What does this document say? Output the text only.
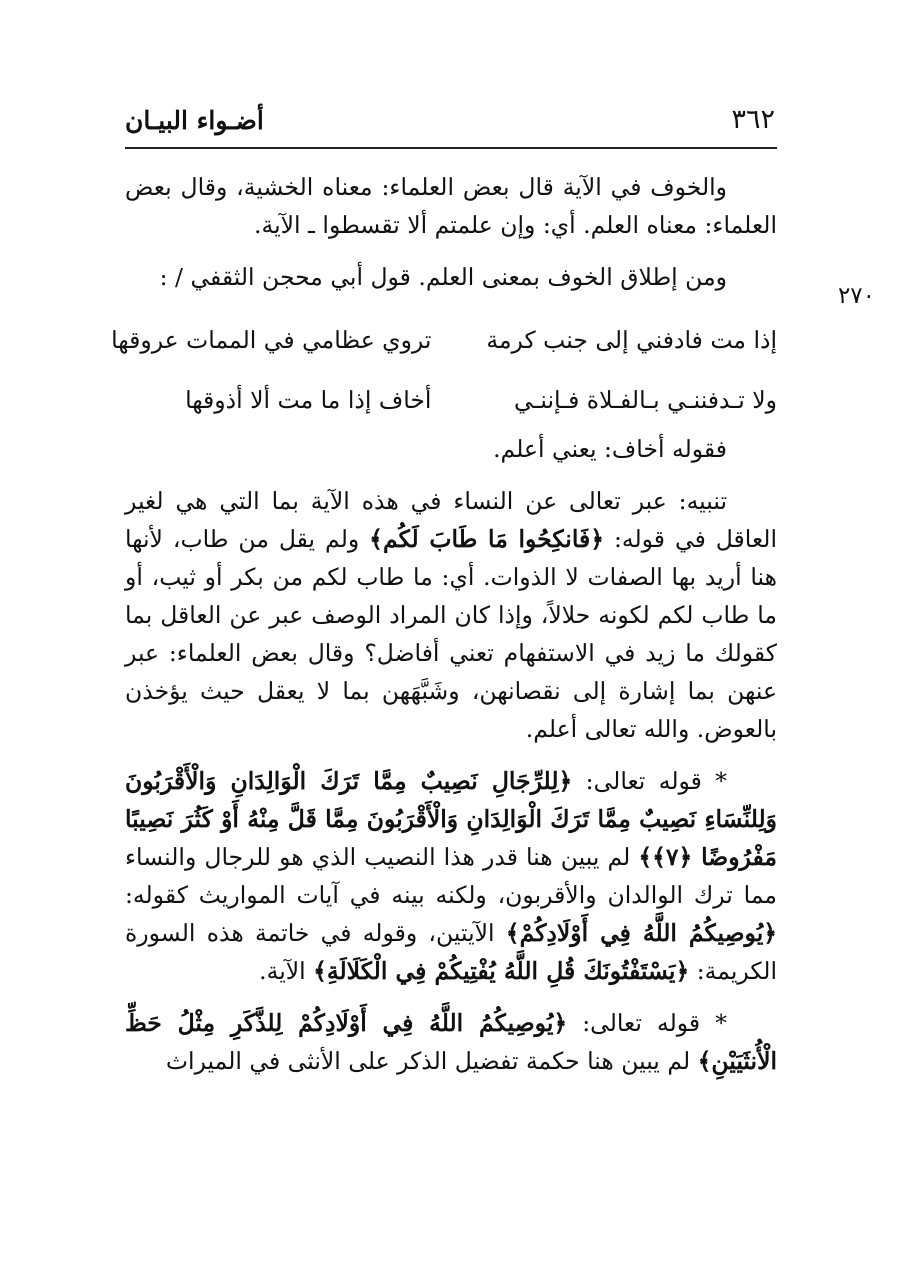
٣٦٢
أضـواء البيـان
٢٧٠

والخوف في الآية قال بعض العلماء: معناه الخشية، وقال بعض العلماء: معناه العلم. أي: وإن علمتم ألا تقسطوا ـ الآية.

ومن إطلاق الخوف بمعنى العلم. قول أبي محجن الثقفي / :

إذا مت فادفني إلى جنب كرمة
تروي عظامي في الممات عروقها
ولا تـدفننـي بـالفـلاة فـإننـي
أخاف إذا ما مت ألا أذوقها

فقوله أخاف: يعني أعلم.

تنبيه: عبر تعالى عن النساء في هذه الآية بما التي هي لغير العاقل في قوله: ﴿فَانكِحُوا مَا طَابَ لَكُم﴾ ولم يقل من طاب، لأنها هنا أريد بها الصفات لا الذوات. أي: ما طاب لكم من بكر أو ثيب، أو ما طاب لكم لكونه حلالاً، وإذا كان المراد الوصف عبر عن العاقل بما كقولك ما زيد في الاستفهام تعني أفاضل؟ وقال بعض العلماء: عبر عنهن بما إشارة إلى نقصانهن، وشَبَّهَهن بما لا يعقل حيث يؤخذن بالعوض. والله تعالى أعلم.

* قوله تعالى: ﴿لِلرِّجَالِ نَصِيبٌ مِمَّا تَرَكَ الْوَالِدَانِ وَالْأَقْرَبُونَ وَلِلنِّسَاءِ نَصِيبٌ مِمَّا تَرَكَ الْوَالِدَانِ وَالْأَقْرَبُونَ مِمَّا قَلَّ مِنْهُ أَوْ كَثُرَ نَصِيبًا مَفْرُوضًا ﴿٧﴾﴾ لم يبين هنا قدر هذا النصيب الذي هو للرجال والنساء مما ترك الوالدان والأقربون، ولكنه بينه في آيات المواريث كقوله: ﴿يُوصِيكُمُ اللَّهُ فِي أَوْلَادِكُمْ﴾ الآيتين، وقوله في خاتمة هذه السورة الكريمة: ﴿يَسْتَفْتُونَكَ قُلِ اللَّهُ يُفْتِيكُمْ فِي الْكَلَالَةِ﴾ الآية.

* قوله تعالى: ﴿يُوصِيكُمُ اللَّهُ فِي أَوْلَادِكُمْ لِلذَّكَرِ مِثْلُ حَظِّ الْأُنثَيَيْنِ﴾ لم يبين هنا حكمة تفضيل الذكر على الأنثى في الميراث
